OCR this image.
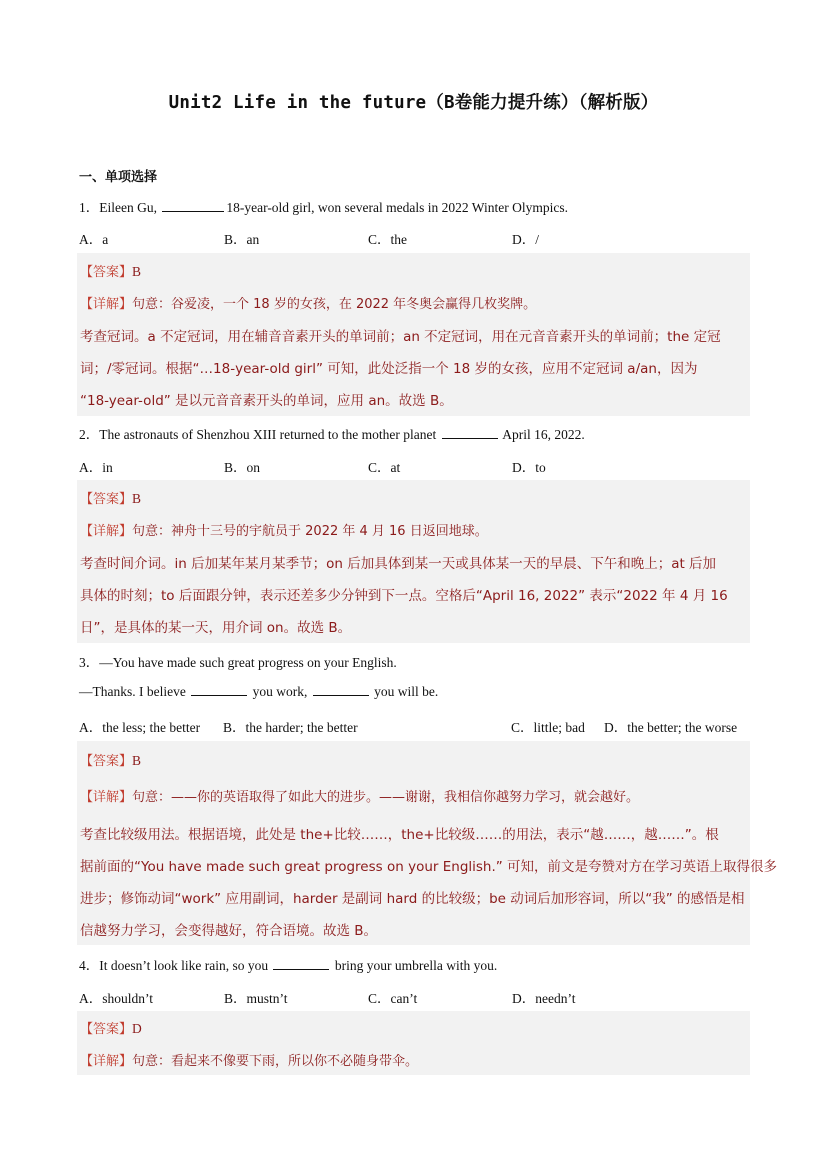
Unit2 Life in the future（B卷能力提升练）（解析版）
一、单项选择
1．Eileen Gu,	18-year-old girl, won several medals in 2022 Winter Olympics.
A．a	B．an	C．the	D．/
【答案】B
【详解】句意：谷爱凌，一个 18 岁的女孩，在 2022 年冬奥会赢得几枚奖牌。
考查冠词。a 不定冠词，用在辅音音素开头的单词前；an 不定冠词，用在元音音素开头的单词前；the 定冠
词；/零冠词。根据“…18-year-old girl” 可知，此处泛指一个 18 岁的女孩，应用不定冠词 a/an，因为
“18-year-old” 是以元音音素开头的单词，应用 an。故选 B。
2．The astronauts of Shenzhou XIII returned to the mother planet	April 16, 2022.
A．in	B．on	C．at	D．to
【答案】B
【详解】句意：神舟十三号的宇航员于 2022 年 4 月 16 日返回地球。
考查时间介词。in 后加某年某月某季节；on 后加具体到某一天或具体某一天的早晨、下午和晚上；at 后加
具体的时刻；to 后面跟分钟，表示还差多少分钟到下一点。空格后“April 16, 2022” 表示“2022 年 4 月 16
日”，是具体的某一天，用介词 on。故选 B。
3．—You have made such great progress on your English.
—Thanks. I believe	you work,	you will be.
A．the less; the better B．the harder; the better	C．little; bad D．the better; the worse
【答案】B
【详解】句意：——你的英语取得了如此大的进步。——谢谢，我相信你越努力学习，就会越好。
考查比较级用法。根据语境，此处是 the+比较……，the+比较级……的用法，表示“越……，越……”。根
据前面的“You have made such great progress on your English.” 可知，前文是夸赞对方在学习英语上取得很多
进步；修饰动词“work” 应用副词，harder 是副词 hard 的比较级；be 动词后加形容词，所以“我” 的感悟是相
信越努力学习，会变得越好，符合语境。故选 B。
4．It doesn’t look like rain, so you	bring your umbrella with you.
A．shouldn’t	B．mustn’t	C．can’t	D．needn’t
【答案】D
【详解】句意：看起来不像要下雨，所以你不必随身带伞。
